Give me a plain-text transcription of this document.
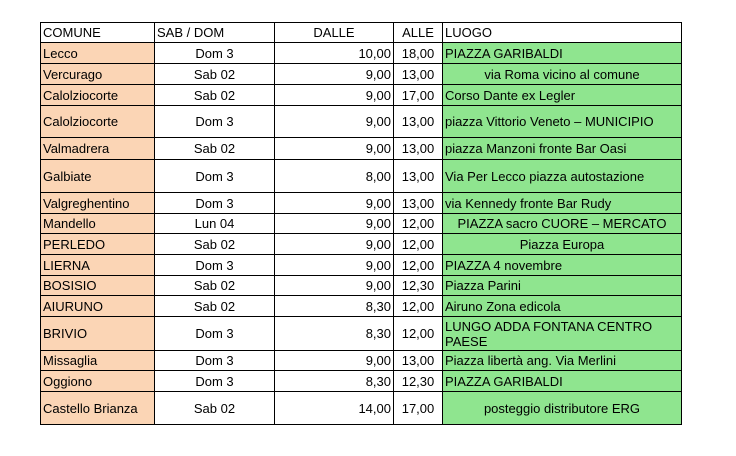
COMUNE	SAB / DOM	DALLE	ALLE	LUOGO
Lecco	Dom 3	10,00	18,00	PIAZZA GARIBALDI
Vercurago	Sab 02	9,00	13,00	via Roma vicino al comune
Calolziocorte	Sab 02	9,00	17,00	Corso Dante ex Legler
Calolziocorte	Dom 3	9,00	13,00	piazza Vittorio Veneto – MUNICIPIO
Valmadrera	Sab 02	9,00	13,00	piazza Manzoni fronte Bar Oasi
Galbiate	Dom 3	8,00	13,00	Via Per Lecco piazza autostazione
Valgreghentino	Dom 3	9,00	13,00	via Kennedy fronte Bar Rudy
Mandello	Lun 04	9,00	12,00	PIAZZA sacro CUORE – MERCATO
PERLEDO	Sab 02	9,00	12,00	Piazza Europa
LIERNA	Dom 3	9,00	12,00	PIAZZA 4 novembre
BOSISIO	Sab 02	9,00	12,30	Piazza Parini
AIURUNO	Sab 02	8,30	12,00	Airuno Zona edicola
BRIVIO	Dom 3	8,30	12,00	LUNGO ADDA FONTANA CENTRO PAESE
Missaglia	Dom 3	9,00	13,00	Piazza libertà ang. Via Merlini
Oggiono	Dom 3	8,30	12,30	PIAZZA GARIBALDI
Castello Brianza	Sab 02	14,00	17,00	posteggio distributore ERG
